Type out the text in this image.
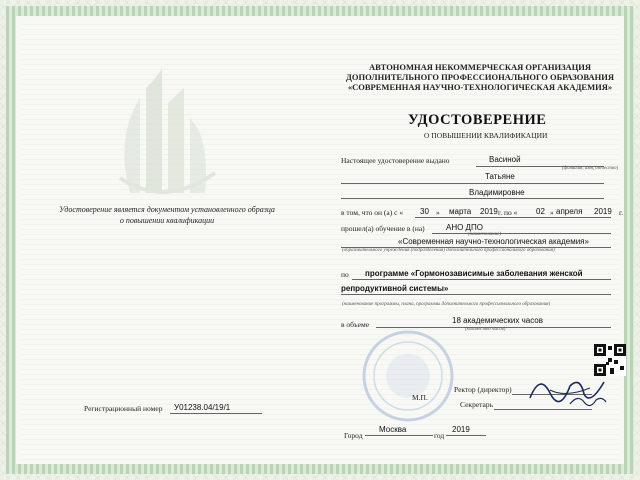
АВТОНОМНАЯ НЕКОММЕРЧЕСКАЯ ОРГАНИЗАЦИЯ
ДОПОЛНИТЕЛЬНОГО ПРОФЕССИОНАЛЬНОГО ОБРАЗОВАНИЯ
«СОВРЕМЕННАЯ НАУЧНО-ТЕХНОЛОГИЧЕСКАЯ АКАДЕМИЯ»
УДОСТОВЕРЕНИЕ
О ПОВЫШЕНИИ КВАЛИФИКАЦИИ
Удостоверение является документом установленного образца
о повышении квалификации
Настоящее удостоверение выдано	Васиной
(фамилия, имя, отчество)
Татьяне
Владимировне
в том, что он (а) с « 30 » марта 2019 г. по « 02 » апреля 2019 г.
прошел(а) обучение в (на)	АНО ДПО
(наименование)
«Современная научно-технологическая академия»
(образовательного учреждения (подразделения) дополнительного профессионального образования)
по программе «Гормонозависимые заболевания женской
репродуктивной системы»
(наименование программы, плана, программы дополнительного профессионального образования)
в объеме	18 академических часов
(количество часов)
Ректор (директор)
Секретарь
М.П.
Регистрационный номер У01238.04/19/1
Город
Москва	2019
год
